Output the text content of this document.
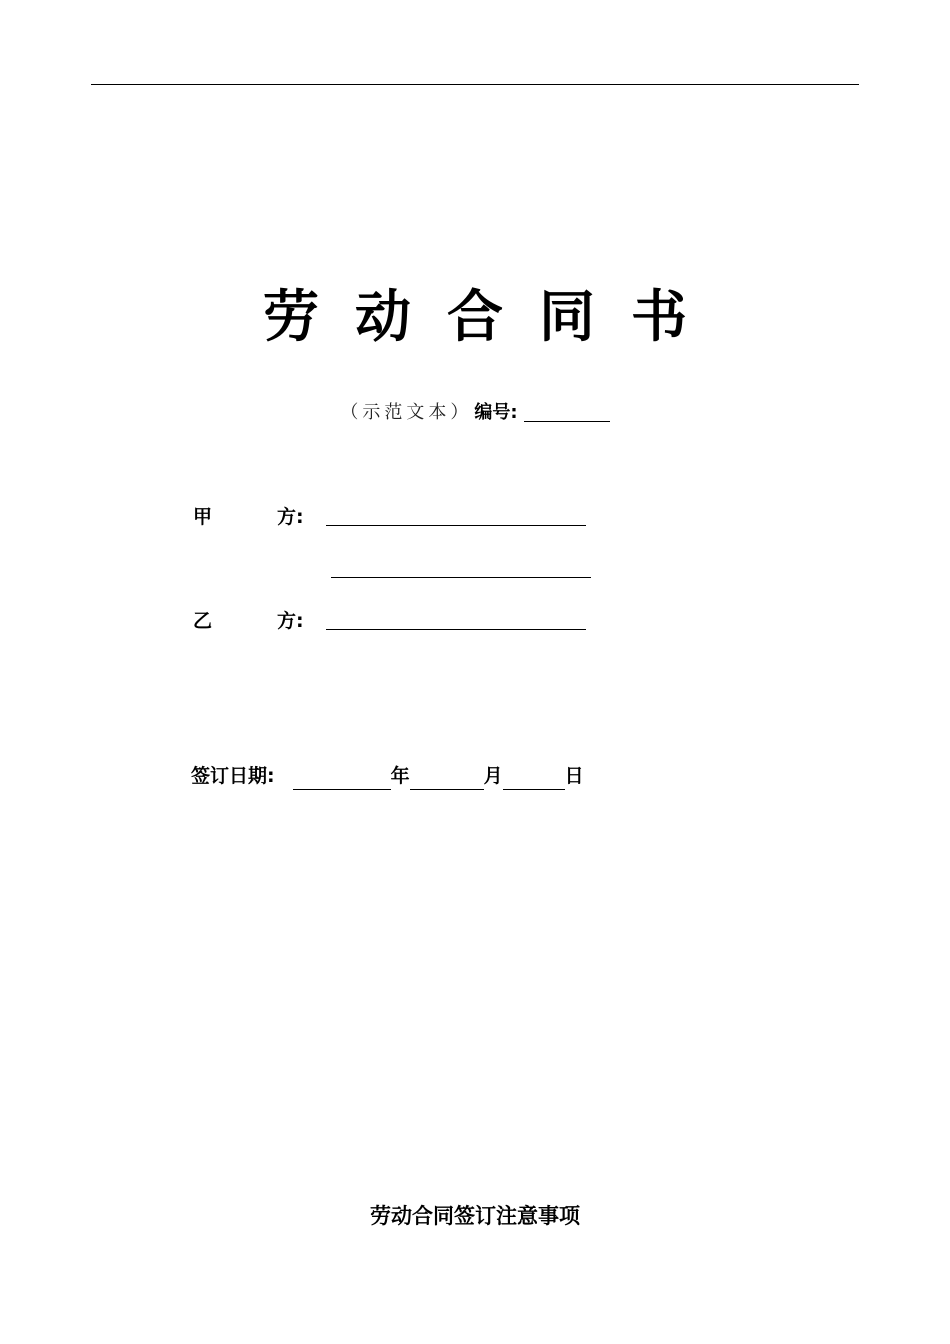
劳动合同书
（示范文本） 编号:
甲	方:
乙	方:
签订日期:	年	月	日
劳动合同签订注意事项
